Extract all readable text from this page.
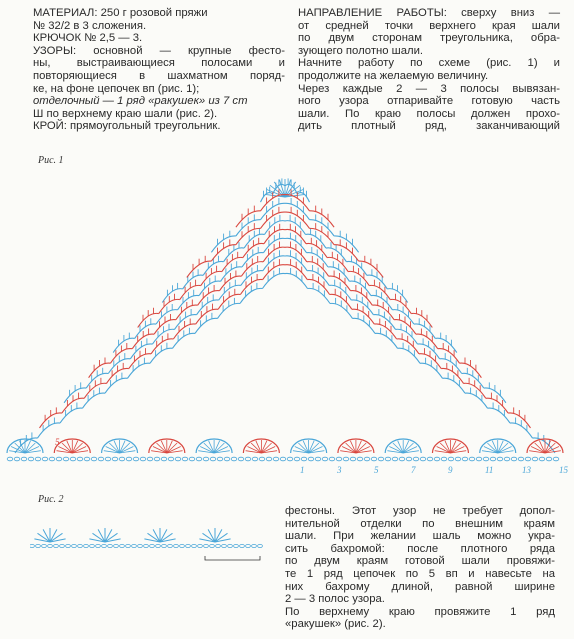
МАТЕРИАЛ: 250 г розовой пряжи
№ 32/2 в 3 сложения.
КРЮЧОК № 2,5 — 3.
УЗОРЫ: основной — крупные фесто-
ны, выстраивающиеся полосами и
повторяющиеся в шахматном поряд-
ке, на фоне цепочек вп (рис. 1);
отделочный — 1 ряд «ракушек» из 7 ст
Ш по верхнему краю шали (рис. 2).
КРОЙ: прямоугольный треугольник.
НАПРАВЛЕНИЕ РАБОТЫ: сверху вниз —
от средней точки верхнего края шали
по двум сторонам треугольника, обра-
зующего полотно шали.
Начните работу по схеме (рис. 1) и
продолжите на желаемую величину.
Через каждые 2 — 3 полосы вывязан-
ного узора отпаривайте готовую часть
шали. По краю полосы должен прохо-
дить плотный ряд, заканчивающий
Рис. 1
1	3	5	7	9	11	13	15
5
Рис. 2
фестоны. Этот узор не требует допол-
нительной отделки по внешним краям
шали. При желании шаль можно укра-
сить бахромой: после плотного ряда
по двум краям готовой шали провяжи-
те 1 ряд цепочек по 5 вп и навесьте на
них бахрому длиной, равной ширине
2 — 3 полос узора.
По верхнему краю провяжите 1 ряд
«ракушек» (рис. 2).
